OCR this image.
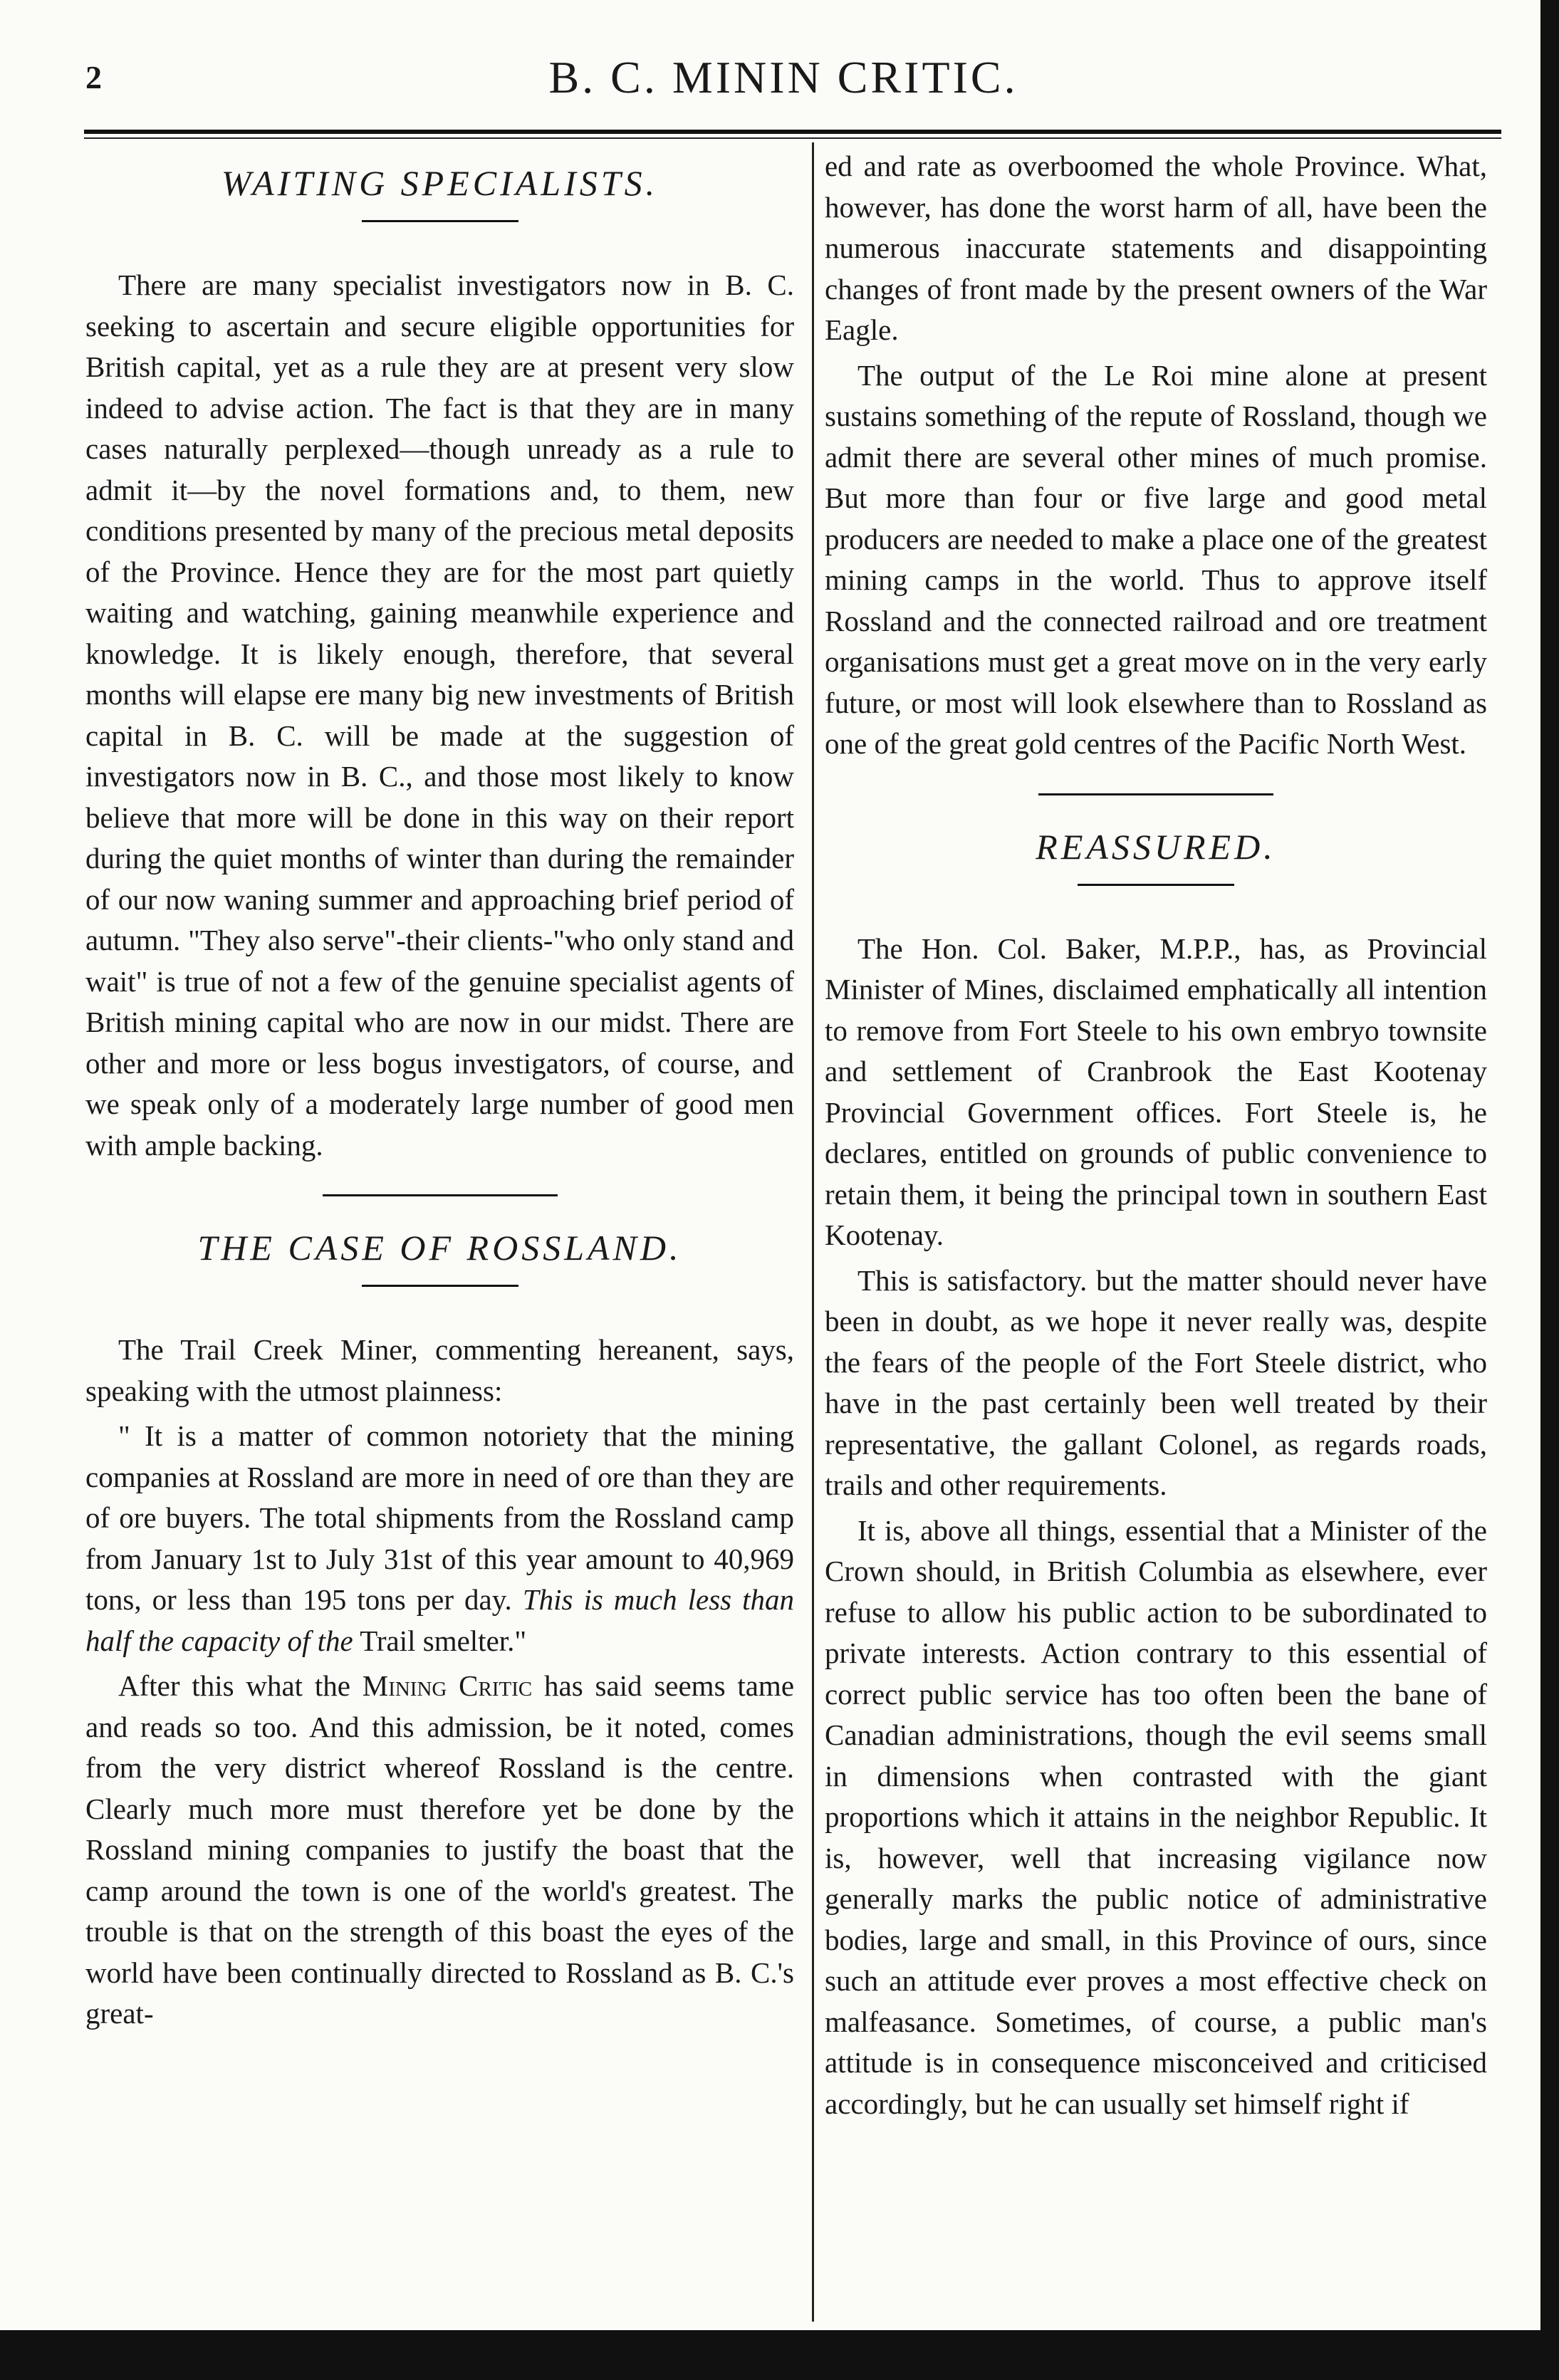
2	B. C. MININ CRITIC.
WAITING SPECIALISTS.

There are many specialist investigators now in B. C. seeking to ascertain and secure eligible opportunities for British capital, yet as a rule they are at present very slow indeed to advise action. The fact is that they are in many cases naturally perplexed—though unready as a rule to admit it—by the novel formations and, to them, new conditions presented by many of the precious metal deposits of the Province. Hence they are for the most part quietly waiting and watching, gaining meanwhile experience and knowledge. It is likely enough, therefore, that several months will elapse ere many big new investments of British capital in B. C. will be made at the suggestion of investigators now in B. C., and those most likely to know believe that more will be done in this way on their report during the quiet months of winter than during the remainder of our now waning summer and approaching brief period of autumn. "They also serve"-their clients-"who only stand and wait" is true of not a few of the genuine specialist agents of British mining capital who are now in our midst. There are other and more or less bogus investigators, of course, and we speak only of a moderately large number of good men with ample backing.

THE CASE OF ROSSLAND.

The Trail Creek Miner, commenting hereanent, says, speaking with the utmost plainness:

" It is a matter of common notoriety that the mining companies at Rossland are more in need of ore than they are of ore buyers. The total shipments from the Rossland camp from January 1st to July 31st of this year amount to 40,969 tons, or less than 195 tons per day. This is much less than half the capacity of the Trail smelter."

After this what the Mining Critic has said seems tame and reads so too. And this admission, be it noted, comes from the very district whereof Rossland is the centre. Clearly much more must therefore yet be done by the Rossland mining companies to justify the boast that the camp around the town is one of the world's greatest. The trouble is that on the strength of this boast the eyes of the world have been continually directed to Rossland as B. C.'s great-

ed and rate as overboomed the whole Province. What, however, has done the worst harm of all, have been the numerous inaccurate statements and disappointing changes of front made by the present owners of the War Eagle.

The output of the Le Roi mine alone at present sustains something of the repute of Rossland, though we admit there are several other mines of much promise. But more than four or five large and good metal producers are needed to make a place one of the greatest mining camps in the world. Thus to approve itself Rossland and the connected railroad and ore treatment organisations must get a great move on in the very early future, or most will look elsewhere than to Rossland as one of the great gold centres of the Pacific North West.

REASSURED.

The Hon. Col. Baker, M.P.P., has, as Provincial Minister of Mines, disclaimed emphatically all intention to remove from Fort Steele to his own embryo townsite and settlement of Cranbrook the East Kootenay Provincial Government offices. Fort Steele is, he declares, entitled on grounds of public convenience to retain them, it being the principal town in southern East Kootenay.

This is satisfactory. but the matter should never have been in doubt, as we hope it never really was, despite the fears of the people of the Fort Steele district, who have in the past certainly been well treated by their representative, the gallant Colonel, as regards roads, trails and other requirements.

It is, above all things, essential that a Minister of the Crown should, in British Columbia as elsewhere, ever refuse to allow his public action to be subordinated to private interests. Action contrary to this essential of correct public service has too often been the bane of Canadian administrations, though the evil seems small in dimensions when contrasted with the giant proportions which it attains in the neighbor Republic. It is, however, well that increasing vigilance now generally marks the public notice of administrative bodies, large and small, in this Province of ours, since such an attitude ever proves a most effective check on malfeasance. Sometimes, of course, a public man's attitude is in consequence misconceived and criticised accordingly, but he can usually set himself right if
